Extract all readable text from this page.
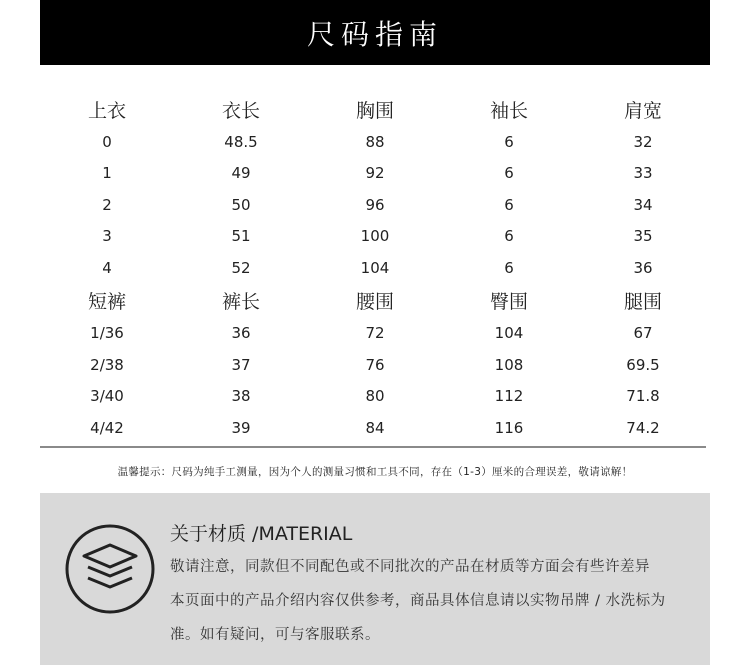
尺码指南
上衣	衣长	胸围	袖长	肩宽
0	48.5	88	6	32
1	49	92	6	33
2	50	96	6	34
3	51	100	6	35
4	52	104	6	36
短裤	裤长	腰围	臀围	腿围
1/36	36	72	104	67
2/38	37	76	108	69.5
3/40	38	80	112	71.8
4/42	39	84	116	74.2
温馨提示：尺码为纯手工测量，因为个人的测量习惯和工具不同，存在（1-3）厘米的合理误差，敬请谅解！
关于材质 /MATERIAL
敬请注意，同款但不同配色或不同批次的产品在材质等方面会有些许差异
本页面中的产品介绍内容仅供参考，商品具体信息请以实物吊牌 / 水洗标为
准。如有疑问，可与客服联系。
